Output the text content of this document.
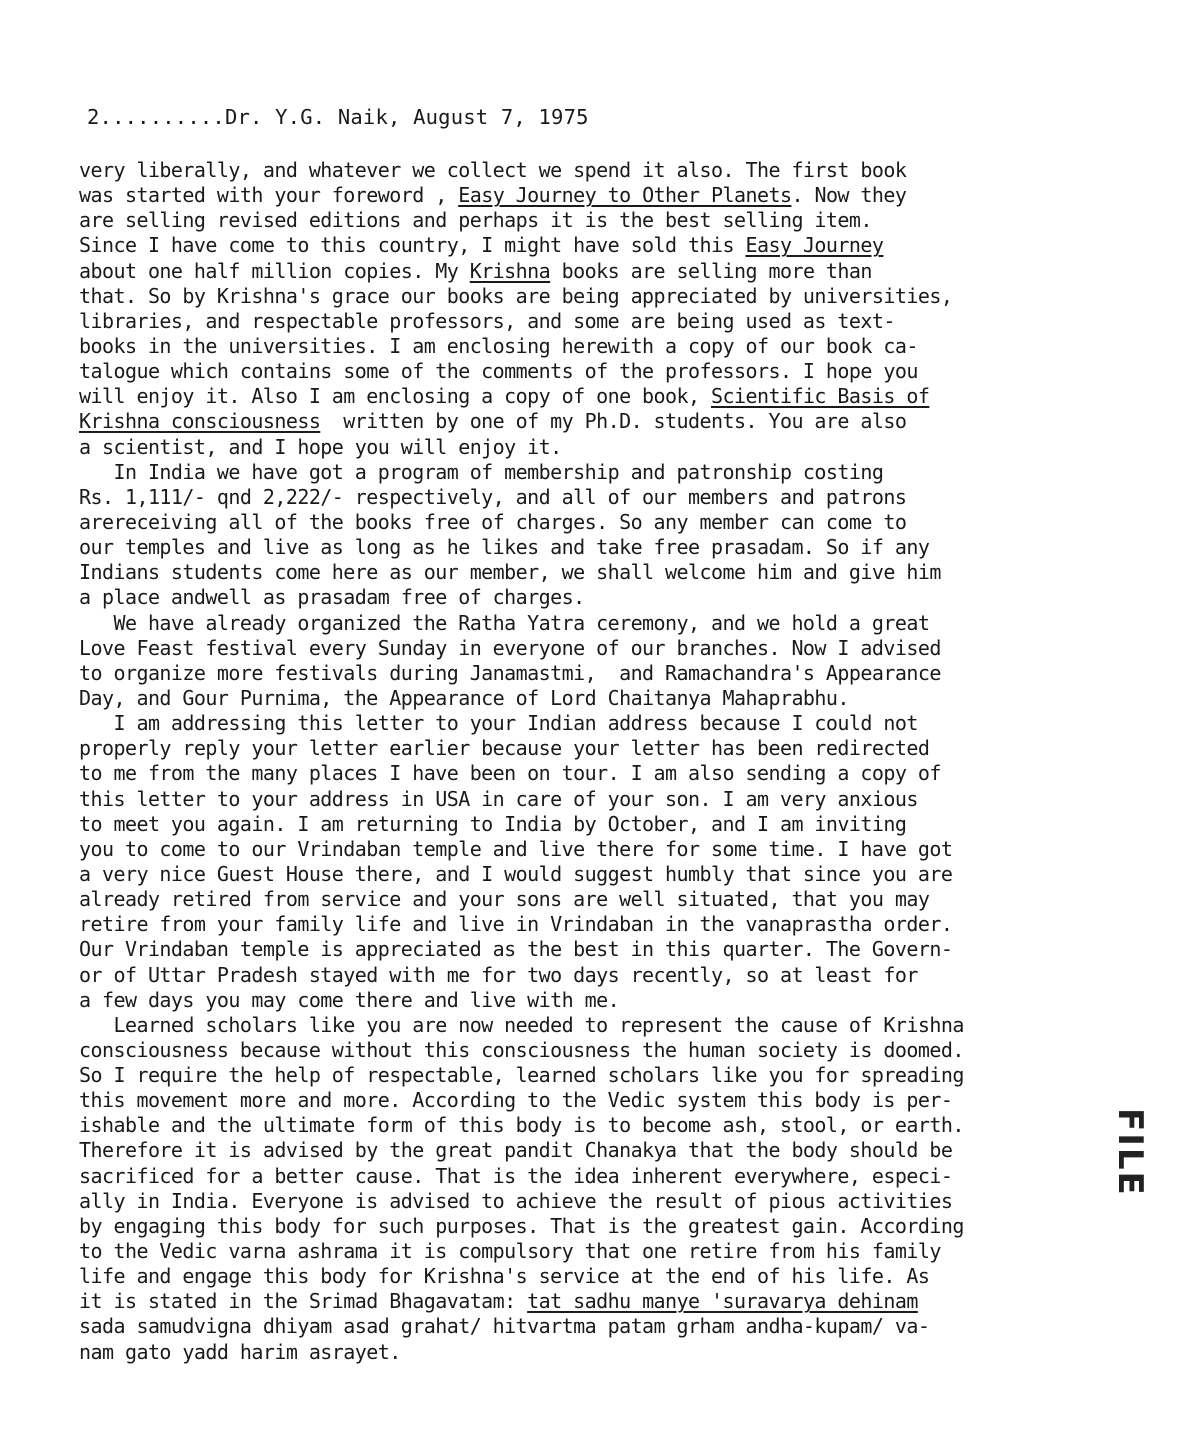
2..........Dr. Y.G. Naik, August 7, 1975
very liberally, and whatever we collect we spend it also. The first book
was started with your foreword , Easy Journey to Other Planets. Now they
are selling revised editions and perhaps it is the best selling item.
Since I have come to this country, I might have sold this Easy Journey
about one half million copies. My Krishna books are selling more than
that. So by Krishna's grace our books are being appreciated by universities,
libraries, and respectable professors, and some are being used as text-
books in the universities. I am enclosing herewith a copy of our book ca-
talogue which contains some of the comments of the professors. I hope you
will enjoy it. Also I am enclosing a copy of one book, Scientific Basis of
Krishna consciousness  written by one of my Ph.D. students. You are also
a scientist, and I hope you will enjoy it.
In India we have got a program of membership and patronship costing
Rs. 1,111/- qnd 2,222/- respectively, and all of our members and patrons
arereceiving all of the books free of charges. So any member can come to
our temples and live as long as he likes and take free prasadam. So if any
Indians students come here as our member, we shall welcome him and give him
a place andwell as prasadam free of charges.
We have already organized the Ratha Yatra ceremony, and we hold a great
Love Feast festival every Sunday in everyone of our branches. Now I advised
to organize more festivals during Janamastmi,  and Ramachandra's Appearance
Day, and Gour Purnima, the Appearance of Lord Chaitanya Mahaprabhu.
I am addressing this letter to your Indian address because I could not
properly reply your letter earlier because your letter has been redirected
to me from the many places I have been on tour. I am also sending a copy of
this letter to your address in USA in care of your son. I am very anxious
to meet you again. I am returning to India by October, and I am inviting
you to come to our Vrindaban temple and live there for some time. I have got
a very nice Guest House there, and I would suggest humbly that since you are
already retired from service and your sons are well situated, that you may
retire from your family life and live in Vrindaban in the vanaprastha order.
Our Vrindaban temple is appreciated as the best in this quarter. The Govern-
or of Uttar Pradesh stayed with me for two days recently, so at least for
a few days you may come there and live with me.
Learned scholars like you are now needed to represent the cause of Krishna
consciousness because without this consciousness the human society is doomed.
So I require the help of respectable, learned scholars like you for spreading
this movement more and more. According to the Vedic system this body is per-
ishable and the ultimate form of this body is to become ash, stool, or earth.
Therefore it is advised by the great pandit Chanakya that the body should be
sacrificed for a better cause. That is the idea inherent everywhere, especi-
ally in India. Everyone is advised to achieve the result of pious activities
by engaging this body for such purposes. That is the greatest gain. According
to the Vedic varna ashrama it is compulsory that one retire from his family
life and engage this body for Krishna's service at the end of his life. As
it is stated in the Srimad Bhagavatam: tat sadhu manye 'suravarya dehinam
sada samudvigna dhiyam asad grahat/ hitvartma patam grham andha-kupam/ va-
nam gato yadd harim asrayet.
FILE
